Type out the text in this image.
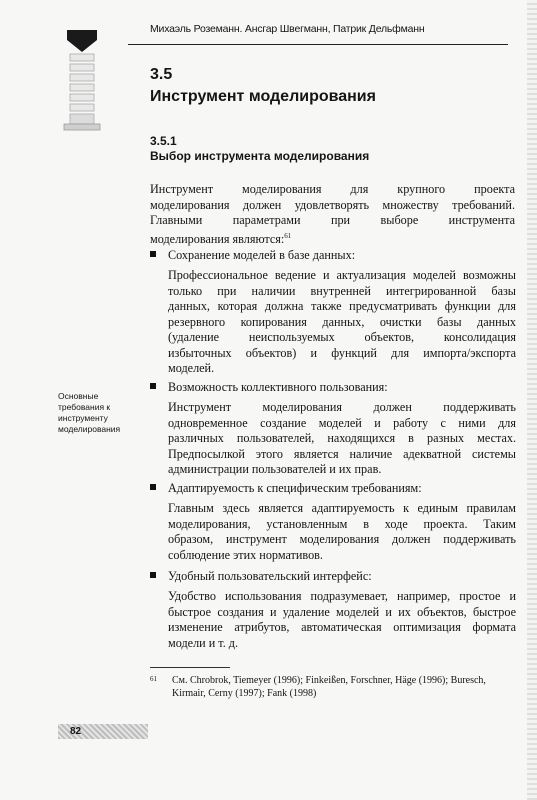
Михаэль Роземанн. Ансгар Швегманн, Патрик Дельфманн
3.5
Инструмент моделирования
3.5.1
Выбор инструмента моделирования
Инструмент моделирования для крупного проекта
моделирования должен удовлетворять множеству требований.
Главными параметрами при выборе инструмента
моделирования являются:$^{61}$
Сохранение моделей в базе данных:
Профессиональное ведение и актуализация моделей возможны
только при наличии внутренней интегрированной базы
данных, которая должна также предусматривать функции для
резервного копирования данных, очистки базы данных
(удаление неиспользуемых объектов, консолидация
избыточных объектов) и функций для импорта/экспорта
моделей.
Возможность коллективного пользования:
Инструмент моделирования должен поддерживать
одновременное создание моделей и работу с ними для
различных пользователей, находящихся в разных местах.
Предпосылкой этого является наличие адекватной системы
администрации пользователей и их прав.
Основные
требования к
инструменту
моделирования
Адаптируемость к специфическим требованиям:
Главным здесь является адаптируемость к единым правилам
моделирования, установленным в ходе проекта. Таким
образом, инструмент моделирования должен поддерживать
соблюдение этих нормативов.
Удобный пользовательский интерфейс:
Удобство использования подразумевает, например, простое и
быстрое создания и удаление моделей и их объектов, быстрое
изменение атрибутов, автоматическая оптимизация формата
модели и т. д.
61 См. Chrobrok, Tiemeyer (1996); Finkeißen, Forschner, Häge (1996); Buresch,
Kirmair, Cerny (1997); Fank (1998)
82
